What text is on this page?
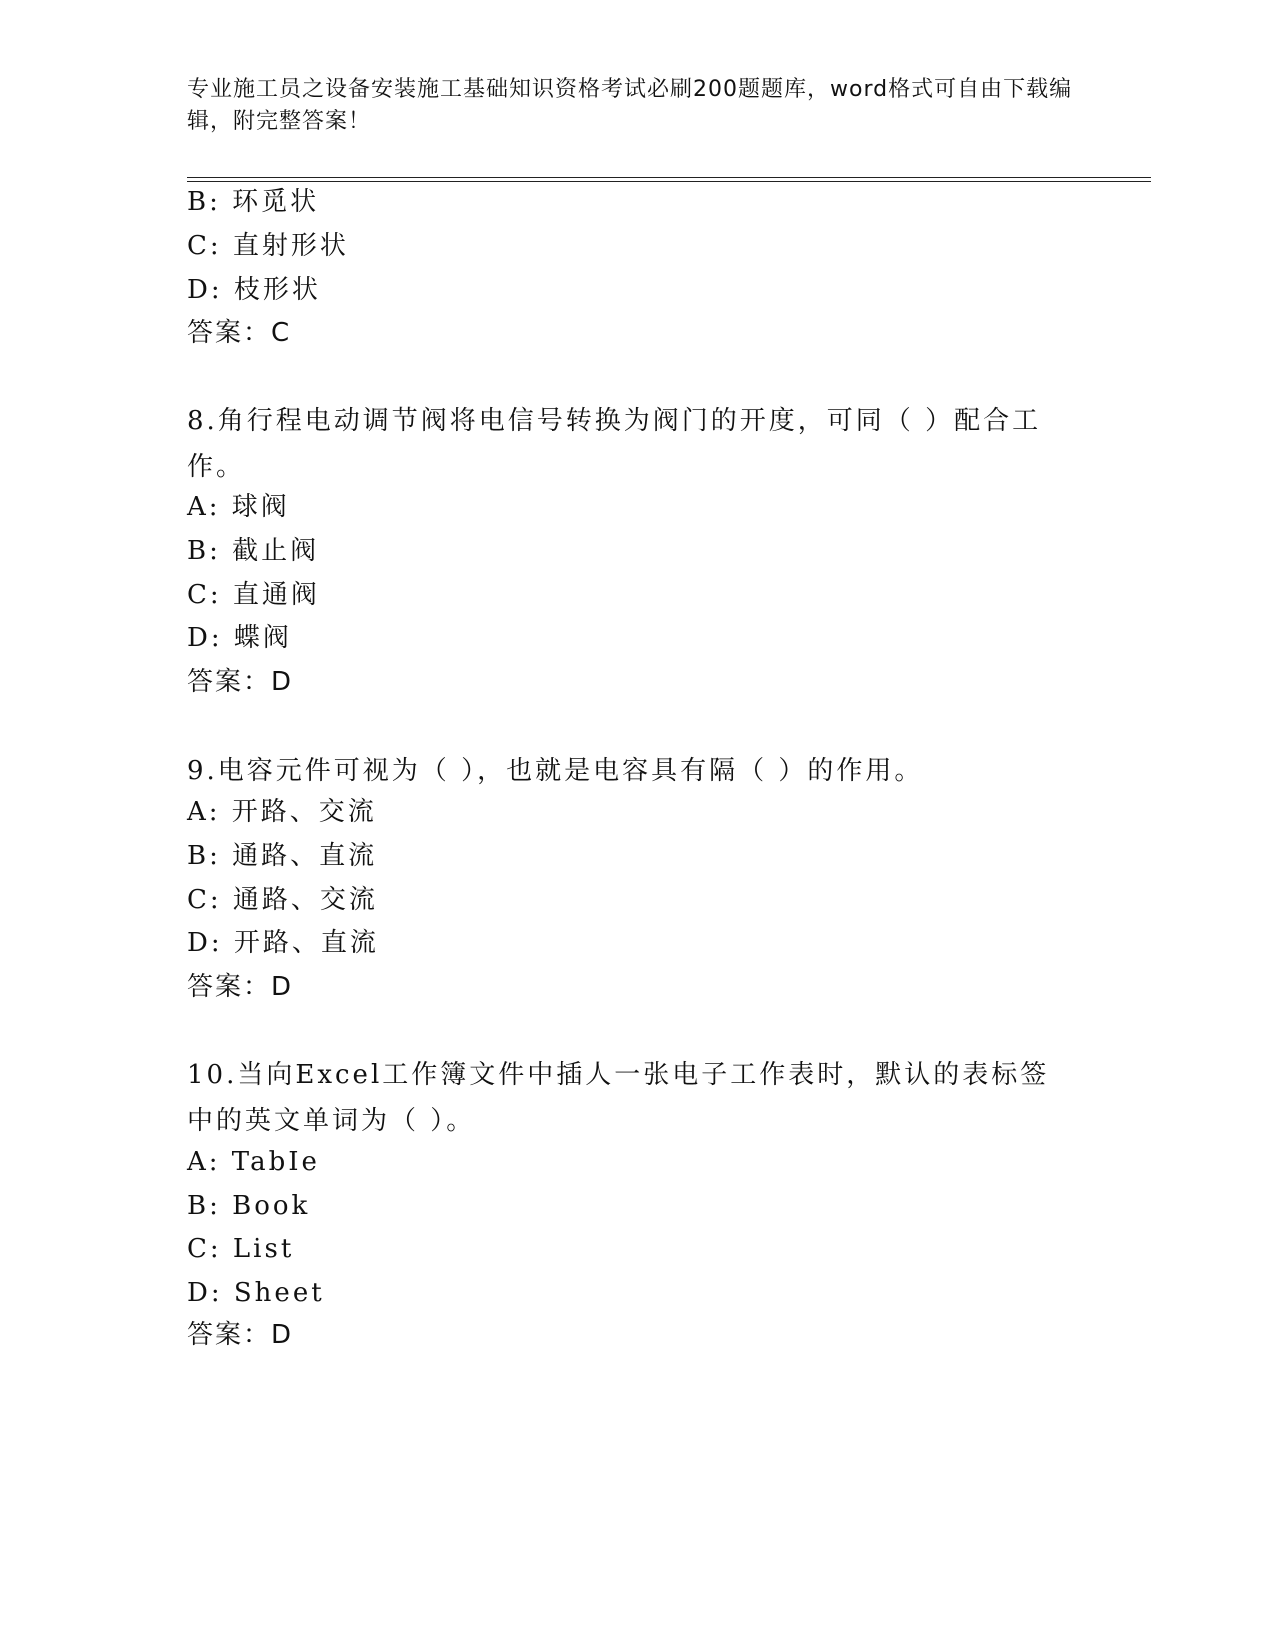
专业施工员之设备安装施工基础知识资格考试必刷200题题库，word格式可自由下载编辑，附完整答案！
B: 环觅状
C: 直射形状
D: 枝形状
答案：C
8.角行程电动调节阀将电信号转换为阀门的开度，可同（ ）配合工作。
A: 球阀
B: 截止阀
C: 直通阀
D: 蝶阀
答案：D
9.电容元件可视为（ ），也就是电容具有隔（ ）的作用。
A: 开路、交流
B: 通路、直流
C: 通路、交流
D: 开路、直流
答案：D
10.当向Excel工作簿文件中插人一张电子工作表时，默认的表标签中的英文单词为（ ）。
A: TabIe
B: Book
C: List
D: Sheet
答案：D
